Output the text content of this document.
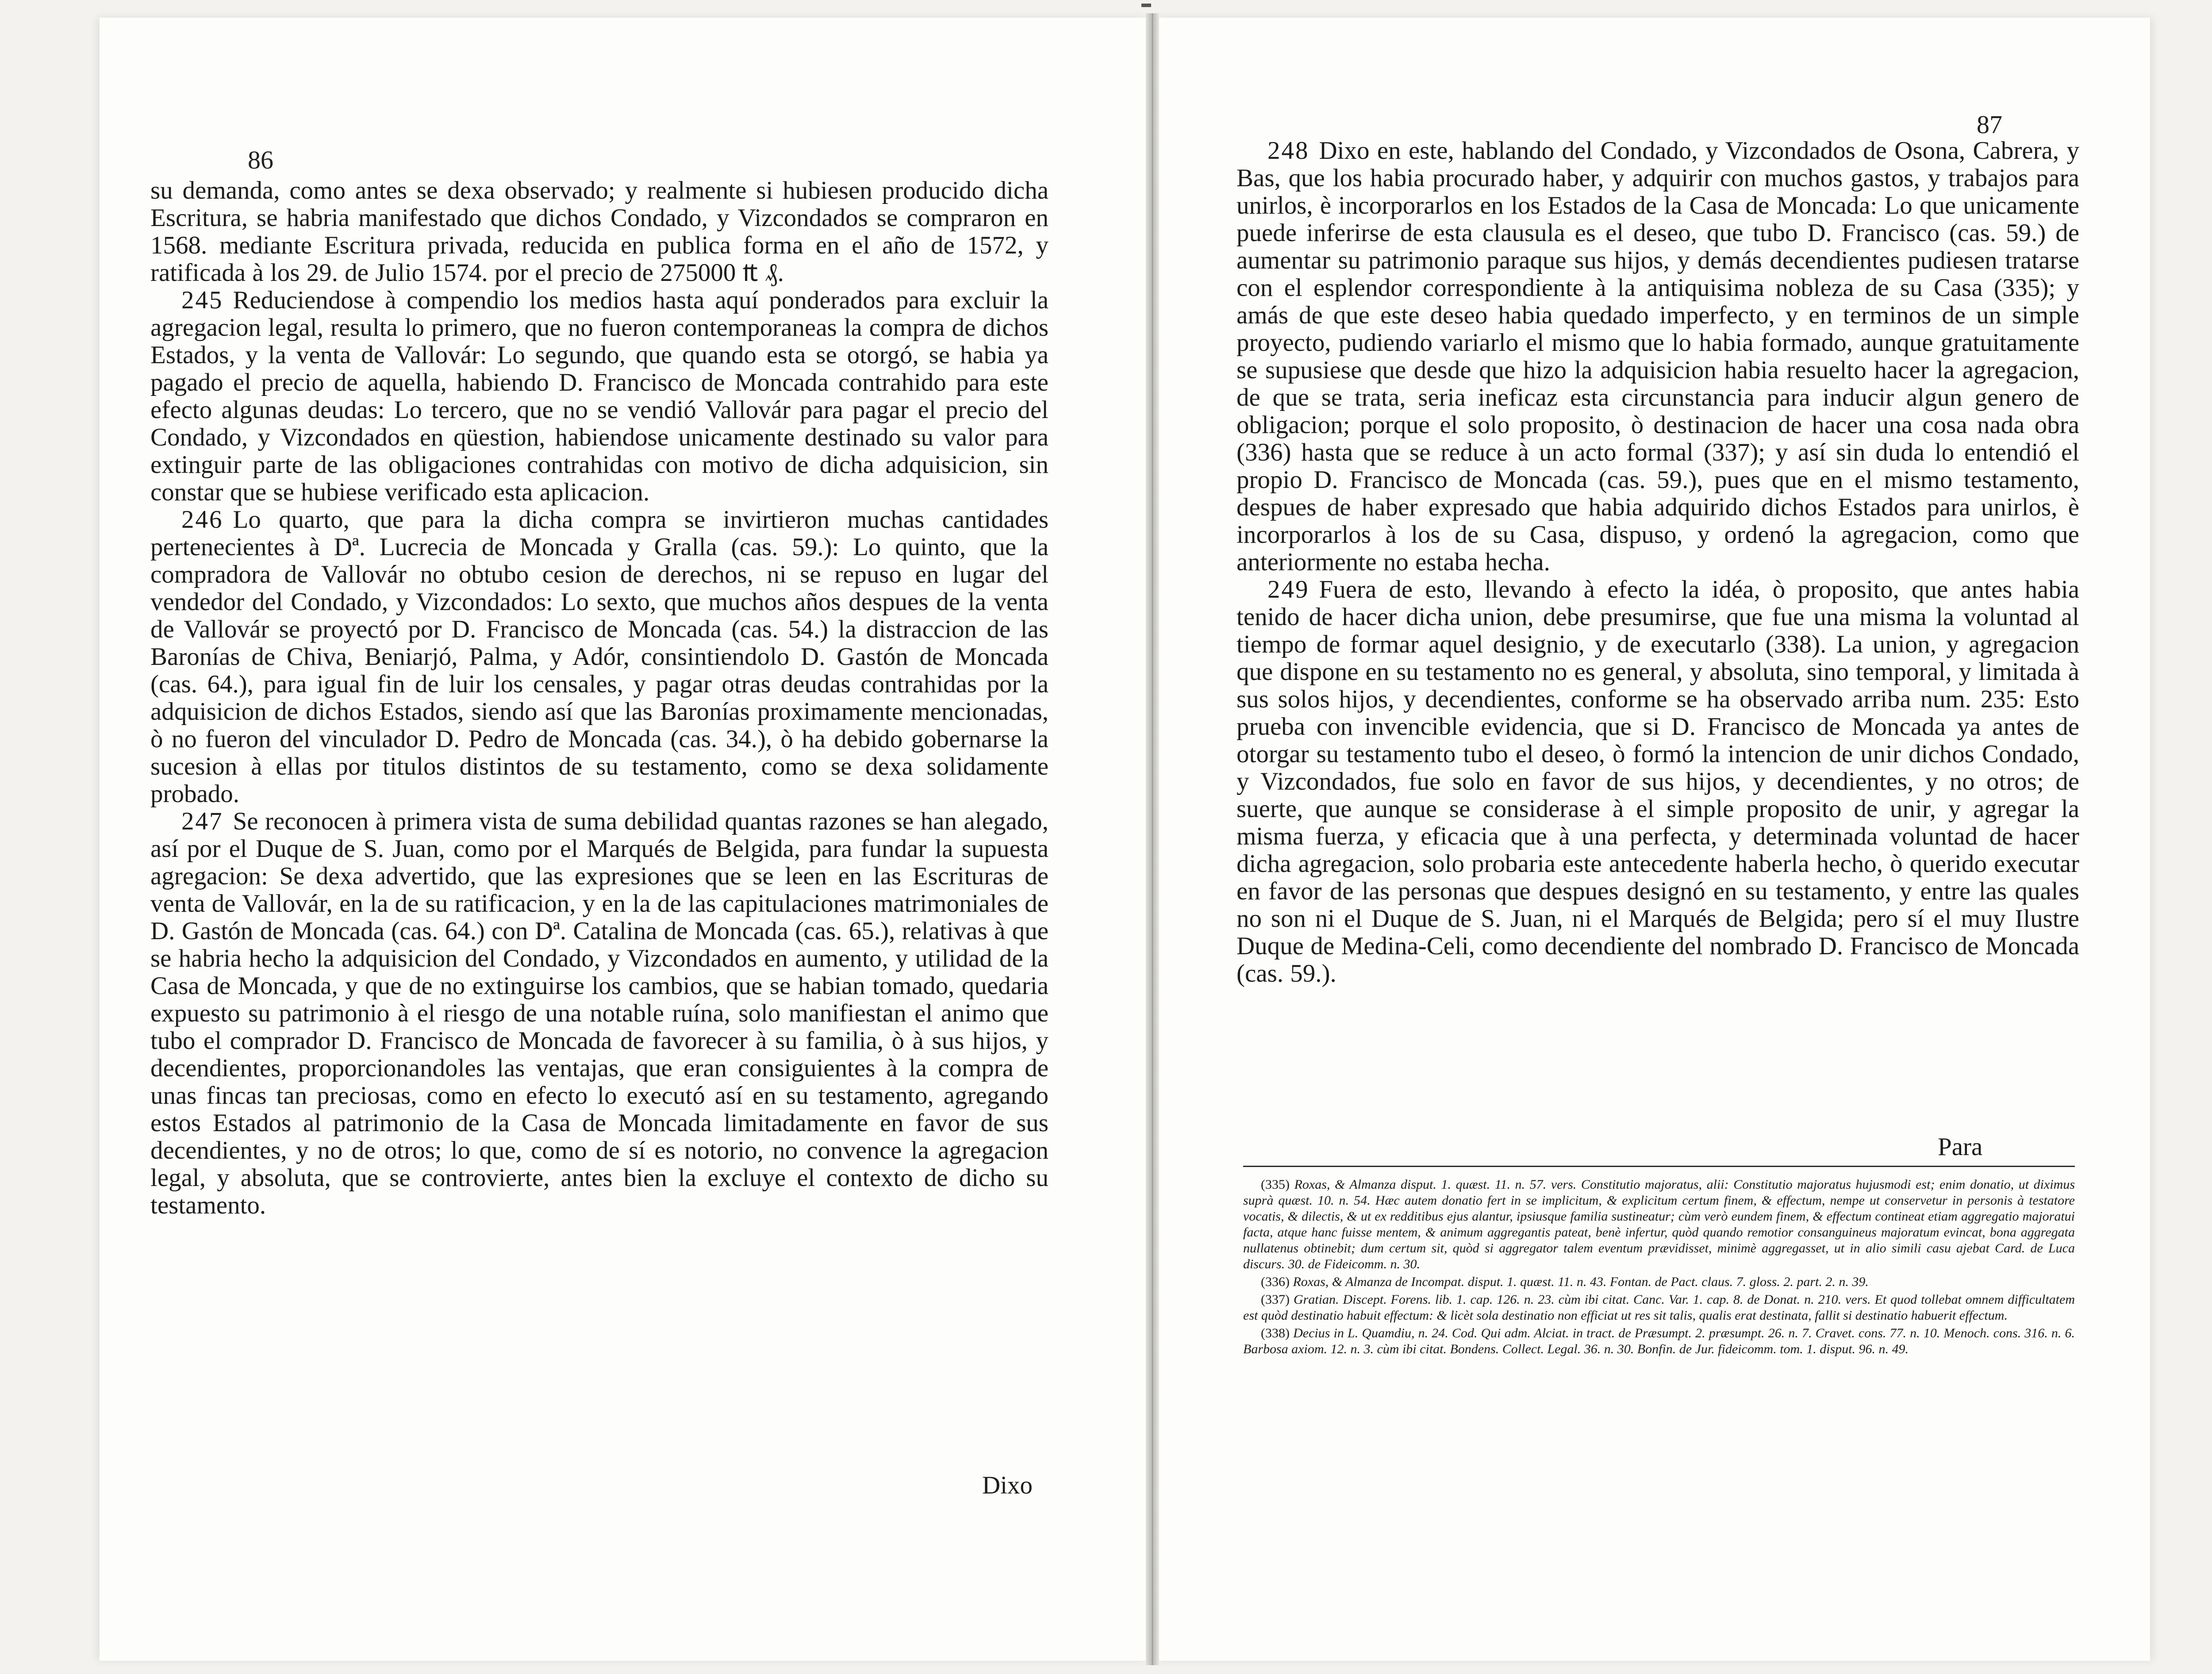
86

su demanda, como antes se dexa observado; y realmente si hubiesen producido dicha Escritura, se habria manifestado que dichos Condado, y Vizcondados se compraron en 1568. mediante Escritura privada, reducida en publica forma en el año de 1572, y ratificada à los 29. de Julio 1574. por el precio de 275000 ₶ ₰.

245 Reduciendose à compendio los medios hasta aquí ponderados para excluir la agregacion legal, resulta lo primero, que no fueron contemporaneas la compra de dichos Estados, y la venta de Vallovár: Lo segundo, que quando esta se otorgó, se habia ya pagado el precio de aquella, habiendo D. Francisco de Moncada contrahido para este efecto algunas deudas: Lo tercero, que no se vendió Vallovár para pagar el precio del Condado, y Vizcondados en qüestion, habiendose unicamente destinado su valor para extinguir parte de las obligaciones contrahidas con motivo de dicha adquisicion, sin constar que se hubiese verificado esta aplicacion.

246 Lo quarto, que para la dicha compra se invirtieron muchas cantidades pertenecientes à Dª. Lucrecia de Moncada y Gralla (cas. 59.): Lo quinto, que la compradora de Vallovár no obtubo cesion de derechos, ni se repuso en lugar del vendedor del Condado, y Vizcondados: Lo sexto, que muchos años despues de la venta de Vallovár se proyectó por D. Francisco de Moncada (cas. 54.) la distraccion de las Baronías de Chiva, Beniarjó, Palma, y Adór, consintiendolo D. Gastón de Moncada (cas. 64.), para igual fin de luir los censales, y pagar otras deudas contrahidas por la adquisicion de dichos Estados, siendo así que las Baronías proximamente mencionadas, ò no fueron del vinculador D. Pedro de Moncada (cas. 34.), ò ha debido gobernarse la sucesion à ellas por titulos distintos de su testamento, como se dexa solidamente probado.

247 Se reconocen à primera vista de suma debilidad quantas razones se han alegado, así por el Duque de S. Juan, como por el Marqués de Belgida, para fundar la supuesta agregacion: Se dexa advertido, que las expresiones que se leen en las Escrituras de venta de Vallovár, en la de su ratificacion, y en la de las capitulaciones matrimoniales de D. Gastón de Moncada (cas. 64.) con Dª. Catalina de Moncada (cas. 65.), relativas à que se habria hecho la adquisicion del Condado, y Vizcondados en aumento, y utilidad de la Casa de Moncada, y que de no extinguirse los cambios, que se habian tomado, quedaria expuesto su patrimonio à el riesgo de una notable ruína, solo manifiestan el animo que tubo el comprador D. Francisco de Moncada de favorecer à su familia, ò à sus hijos, y decendientes, proporcionandoles las ventajas, que eran consiguientes à la compra de unas fincas tan preciosas, como en efecto lo executó así en su testamento, agregando estos Estados al patrimonio de la Casa de Moncada limitadamente en favor de sus decendientes, y no de otros; lo que, como de sí es notorio, no convence la agregacion legal, y absoluta, que se controvierte, antes bien la excluye el contexto de dicho su testamento.

Dixo
87

248 Dixo en este, hablando del Condado, y Vizcondados de Osona, Cabrera, y Bas, que los habia procurado haber, y adquirir con muchos gastos, y trabajos para unirlos, è incorporarlos en los Estados de la Casa de Moncada: Lo que unicamente puede inferirse de esta clausula es el deseo, que tubo D. Francisco (cas. 59.) de aumentar su patrimonio paraque sus hijos, y demás decendientes pudiesen tratarse con el esplendor correspondiente à la antiquisima nobleza de su Casa (335); y amás de que este deseo habia quedado imperfecto, y en terminos de un simple proyecto, pudiendo variarlo el mismo que lo habia formado, aunque gratuitamente se supusiese que desde que hizo la adquisicion habia resuelto hacer la agregacion, de que se trata, seria ineficaz esta circunstancia para inducir algun genero de obligacion; porque el solo proposito, ò destinacion de hacer una cosa nada obra (336) hasta que se reduce à un acto formal (337); y así sin duda lo entendió el propio D. Francisco de Moncada (cas. 59.), pues que en el mismo testamento, despues de haber expresado que habia adquirido dichos Estados para unirlos, è incorporarlos à los de su Casa, dispuso, y ordenó la agregacion, como que anteriormente no estaba hecha.

249 Fuera de esto, llevando à efecto la idéa, ò proposito, que antes habia tenido de hacer dicha union, debe presumirse, que fue una misma la voluntad al tiempo de formar aquel designio, y de executarlo (338). La union, y agregacion que dispone en su testamento no es general, y absoluta, sino temporal, y limitada à sus solos hijos, y decendientes, conforme se ha observado arriba num. 235: Esto prueba con invencible evidencia, que si D. Francisco de Moncada ya antes de otorgar su testamento tubo el deseo, ò formó la intencion de unir dichos Condado, y Vizcondados, fue solo en favor de sus hijos, y decendientes, y no otros; de suerte, que aunque se considerase à el simple proposito de unir, y agregar la misma fuerza, y eficacia que à una perfecta, y determinada voluntad de hacer dicha agregacion, solo probaria este antecedente haberla hecho, ò querido executar en favor de las personas que despues designó en su testamento, y entre las quales no son ni el Duque de S. Juan, ni el Marqués de Belgida; pero sí el muy Ilustre Duque de Medina-Celi, como decendiente del nombrado D. Francisco de Moncada (cas. 59.).

Para

(335) Roxas, & Almanza disput. 1. quæst. 11. n. 57. vers. Constitutio majoratus, alii: Constitutio majoratus hujusmodi est; enim donatio, ut diximus suprà quæst. 10. n. 54. Hæc autem donatio fert in se implicitum, & explicitum certum finem, & effectum, nempe ut conservetur in personis à testatore vocatis, & dilectis, & ut ex redditibus ejus alantur, ipsiusque familia sustineatur; cùm verò eundem finem, & effectum contineat etiam aggregatio majoratui facta, atque hanc fuisse mentem, & animum aggregantis pateat, benè infertur, quòd quando remotior consanguineus majoratum evincat, bona aggregata nullatenus obtinebit; dum certum sit, quòd si aggregator talem eventum prævidisset, minimè aggregasset, ut in alio simili casu ajebat Card. de Luca discurs. 30. de Fideicomm. n. 30.

(336) Roxas, & Almanza de Incompat. disput. 1. quæst. 11. n. 43. Fontan. de Pact. claus. 7. gloss. 2. part. 2. n. 39.

(337) Gratian. Discept. Forens. lib. 1. cap. 126. n. 23. cùm ibi citat. Canc. Var. 1. cap. 8. de Donat. n. 210. vers. Et quod tollebat omnem difficultatem est quòd destinatio habuit effectum: & licèt sola destinatio non efficiat ut res sit talis, qualis erat destinata, fallit si destinatio habuerit effectum.

(338) Decius in L. Quamdiu, n. 24. Cod. Qui adm. Alciat. in tract. de Præsumpt. 2. præsumpt. 26. n. 7. Cravet. cons. 77. n. 10. Menoch. cons. 316. n. 6. Barbosa axiom. 12. n. 3. cùm ibi citat. Bondens. Collect. Legal. 36. n. 30. Bonfin. de Jur. fideicomm. tom. 1. disput. 96. n. 49.
